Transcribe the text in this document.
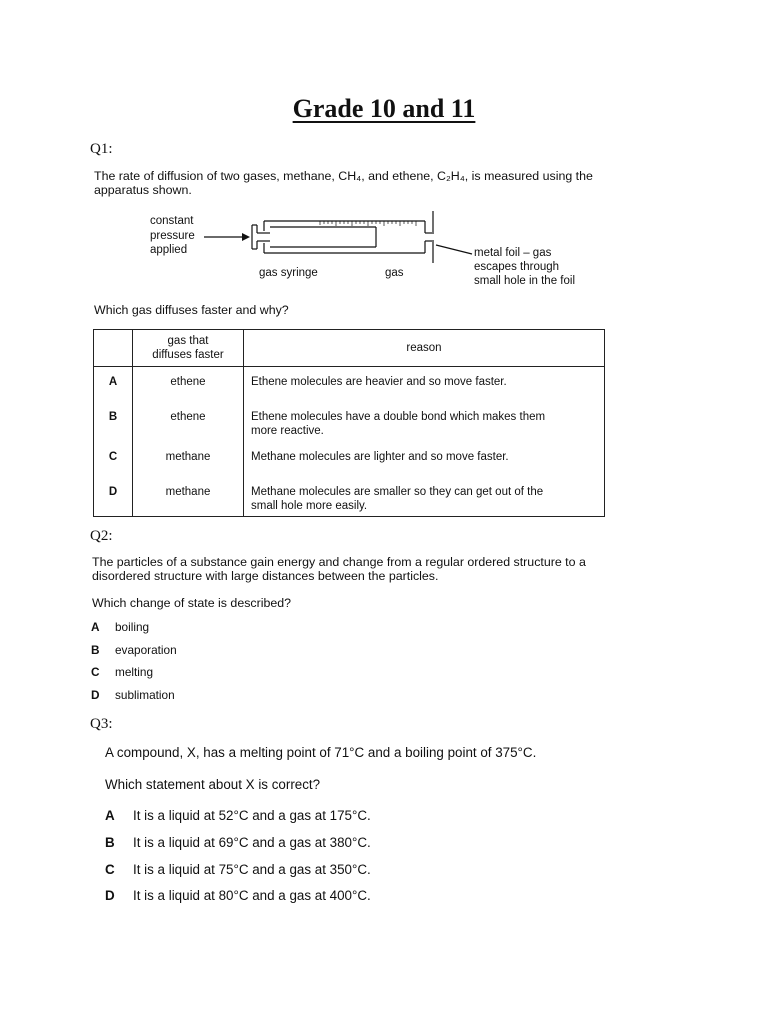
Grade 10 and 11
Q1:
The rate of diffusion of two gases, methane, CH₄, and ethene, C₂H₄, is measured using the
apparatus shown.
constant
pressure
applied
gas syringe	gas
metal foil – gas
escapes through
small hole in the foil
Which gas diffuses faster and why?

	gas that
diffuses faster	reason
A	ethene	Ethene molecules are heavier and so move faster.

B	ethene	Ethene molecules have a double bond which makes them
more reactive.

C	methane	Methane molecules are lighter and so move faster.

D	methane	Methane molecules are smaller so they can get out of the
small hole more easily.
Q2:
The particles of a substance gain energy and change from a regular ordered structure to a
disordered structure with large distances between the particles.
Which change of state is described?
A boiling
B evaporation
C melting
D sublimation
Q3:
A compound, X, has a melting point of 71°C and a boiling point of 375°C.
Which statement about X is correct?
A It is a liquid at 52°C and a gas at 175°C.
B It is a liquid at 69°C and a gas at 380°C.
C It is a liquid at 75°C and a gas at 350°C.
D It is a liquid at 80°C and a gas at 400°C.
